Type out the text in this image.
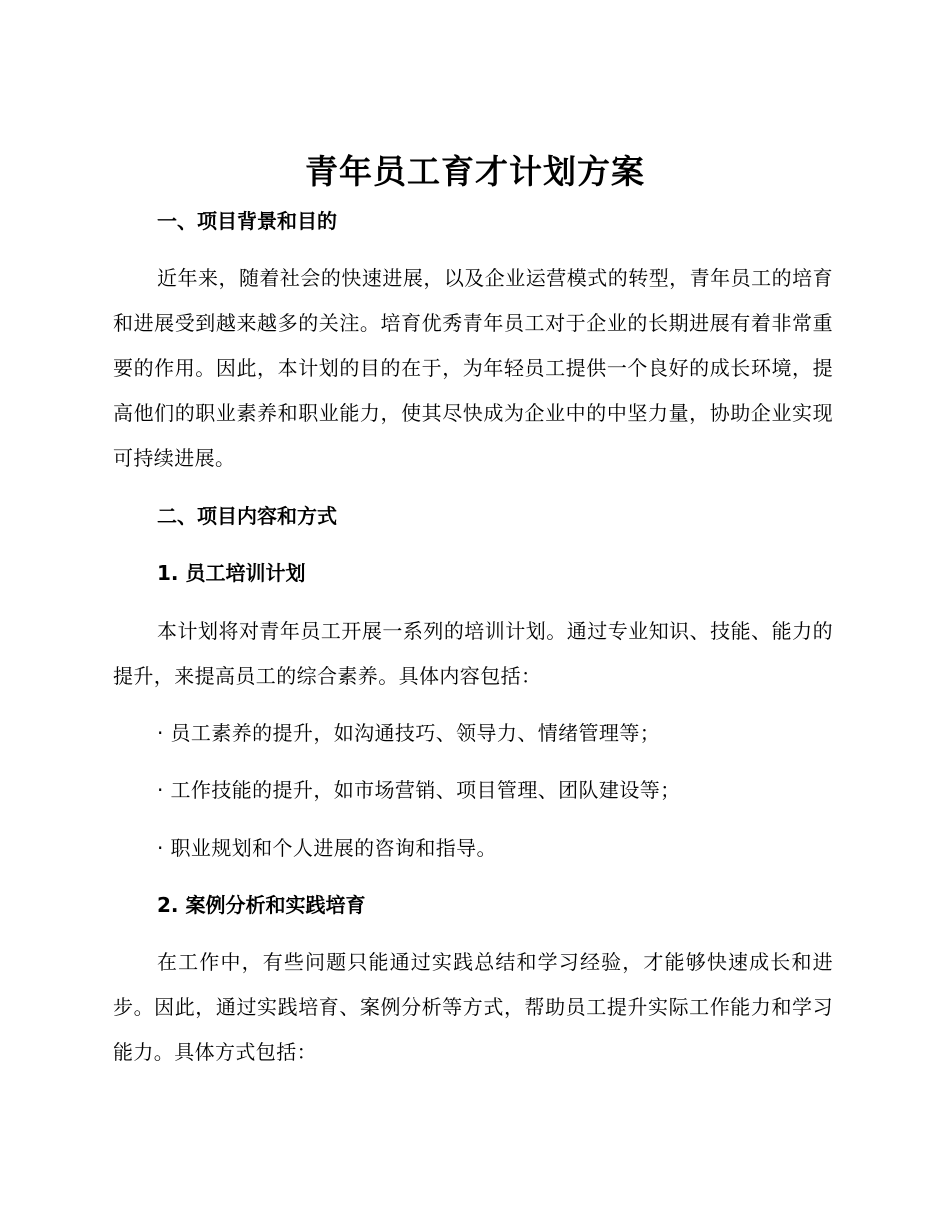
青年员工育才计划方案
一、项目背景和目的
近年来，随着社会的快速进展，以及企业运营模式的转型，青年员工的培育和进展受到越来越多的关注。培育优秀青年员工对于企业的长期进展有着非常重要的作用。因此，本计划的目的在于，为年轻员工提供一个良好的成长环境，提高他们的职业素养和职业能力，使其尽快成为企业中的中坚力量，协助企业实现可持续进展。
二、项目内容和方式
1. 员工培训计划
本计划将对青年员工开展一系列的培训计划。通过专业知识、技能、能力的提升，来提高员工的综合素养。具体内容包括：
· 员工素养的提升，如沟通技巧、领导力、情绪管理等；
· 工作技能的提升，如市场营销、项目管理、团队建设等；
· 职业规划和个人进展的咨询和指导。
2. 案例分析和实践培育
在工作中，有些问题只能通过实践总结和学习经验，才能够快速成长和进步。因此，通过实践培育、案例分析等方式，帮助员工提升实际工作能力和学习能力。具体方式包括：
